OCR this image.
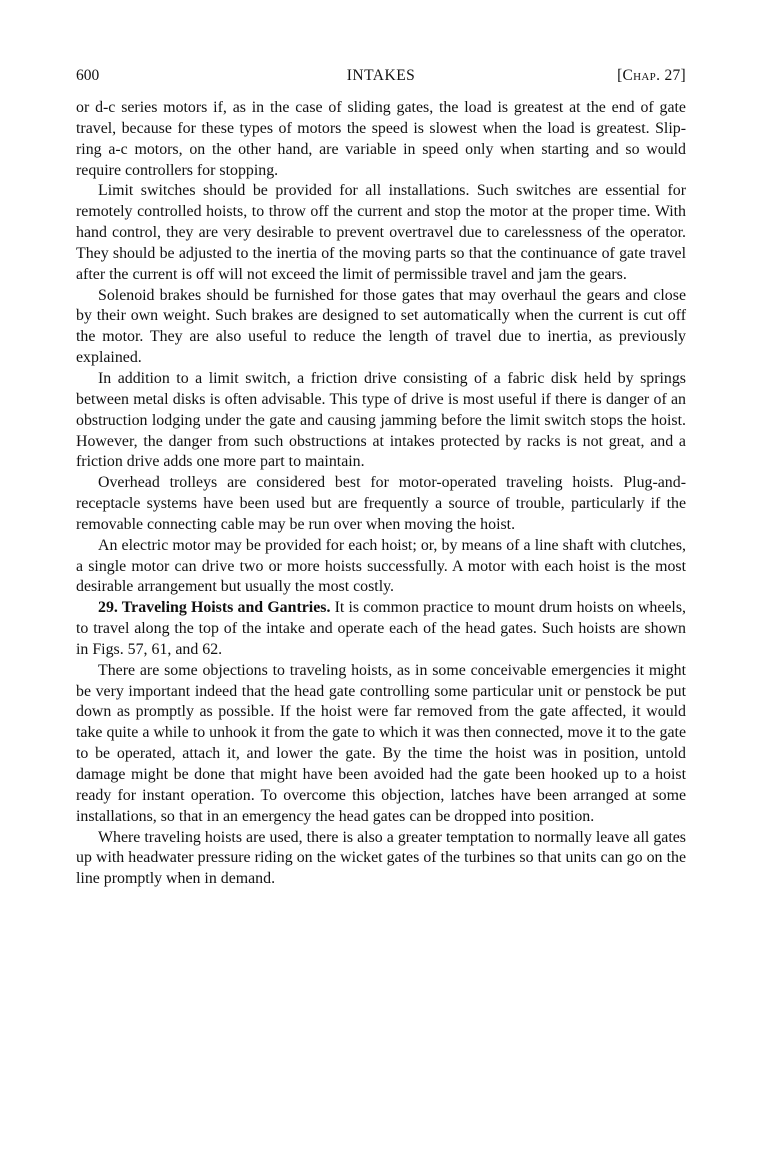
600	INTAKES	[Chap. 27]

or d-c series motors if, as in the case of sliding gates, the load is greatest at the end of gate travel, because for these types of motors the speed is slowest when the load is greatest. Slip-ring a-c motors, on the other hand, are variable in speed only when starting and so would require controllers for stopping.

Limit switches should be provided for all installations. Such switches are essential for remotely controlled hoists, to throw off the current and stop the motor at the proper time. With hand control, they are very desirable to prevent overtravel due to carelessness of the operator. They should be adjusted to the inertia of the moving parts so that the continuance of gate travel after the current is off will not exceed the limit of permissible travel and jam the gears.

Solenoid brakes should be furnished for those gates that may overhaul the gears and close by their own weight. Such brakes are designed to set automatically when the current is cut off the motor. They are also useful to reduce the length of travel due to inertia, as previously explained.

In addition to a limit switch, a friction drive consisting of a fabric disk held by springs between metal disks is often advisable. This type of drive is most useful if there is danger of an obstruction lodging under the gate and causing jamming before the limit switch stops the hoist. However, the danger from such obstructions at intakes protected by racks is not great, and a friction drive adds one more part to maintain.

Overhead trolleys are considered best for motor-operated traveling hoists. Plug-and-receptacle systems have been used but are frequently a source of trouble, particularly if the removable connecting cable may be run over when moving the hoist.

An electric motor may be provided for each hoist; or, by means of a line shaft with clutches, a single motor can drive two or more hoists successfully. A motor with each hoist is the most desirable arrangement but usually the most costly.

29. Traveling Hoists and Gantries. It is common practice to mount drum hoists on wheels, to travel along the top of the intake and operate each of the head gates. Such hoists are shown in Figs. 57, 61, and 62.

There are some objections to traveling hoists, as in some conceivable emergencies it might be very important indeed that the head gate controlling some particular unit or penstock be put down as promptly as possible. If the hoist were far removed from the gate affected, it would take quite a while to unhook it from the gate to which it was then connected, move it to the gate to be operated, attach it, and lower the gate. By the time the hoist was in position, untold damage might be done that might have been avoided had the gate been hooked up to a hoist ready for instant operation. To overcome this objection, latches have been arranged at some installations, so that in an emergency the head gates can be dropped into position.

Where traveling hoists are used, there is also a greater temptation to normally leave all gates up with headwater pressure riding on the wicket gates of the turbines so that units can go on the line promptly when in demand.
